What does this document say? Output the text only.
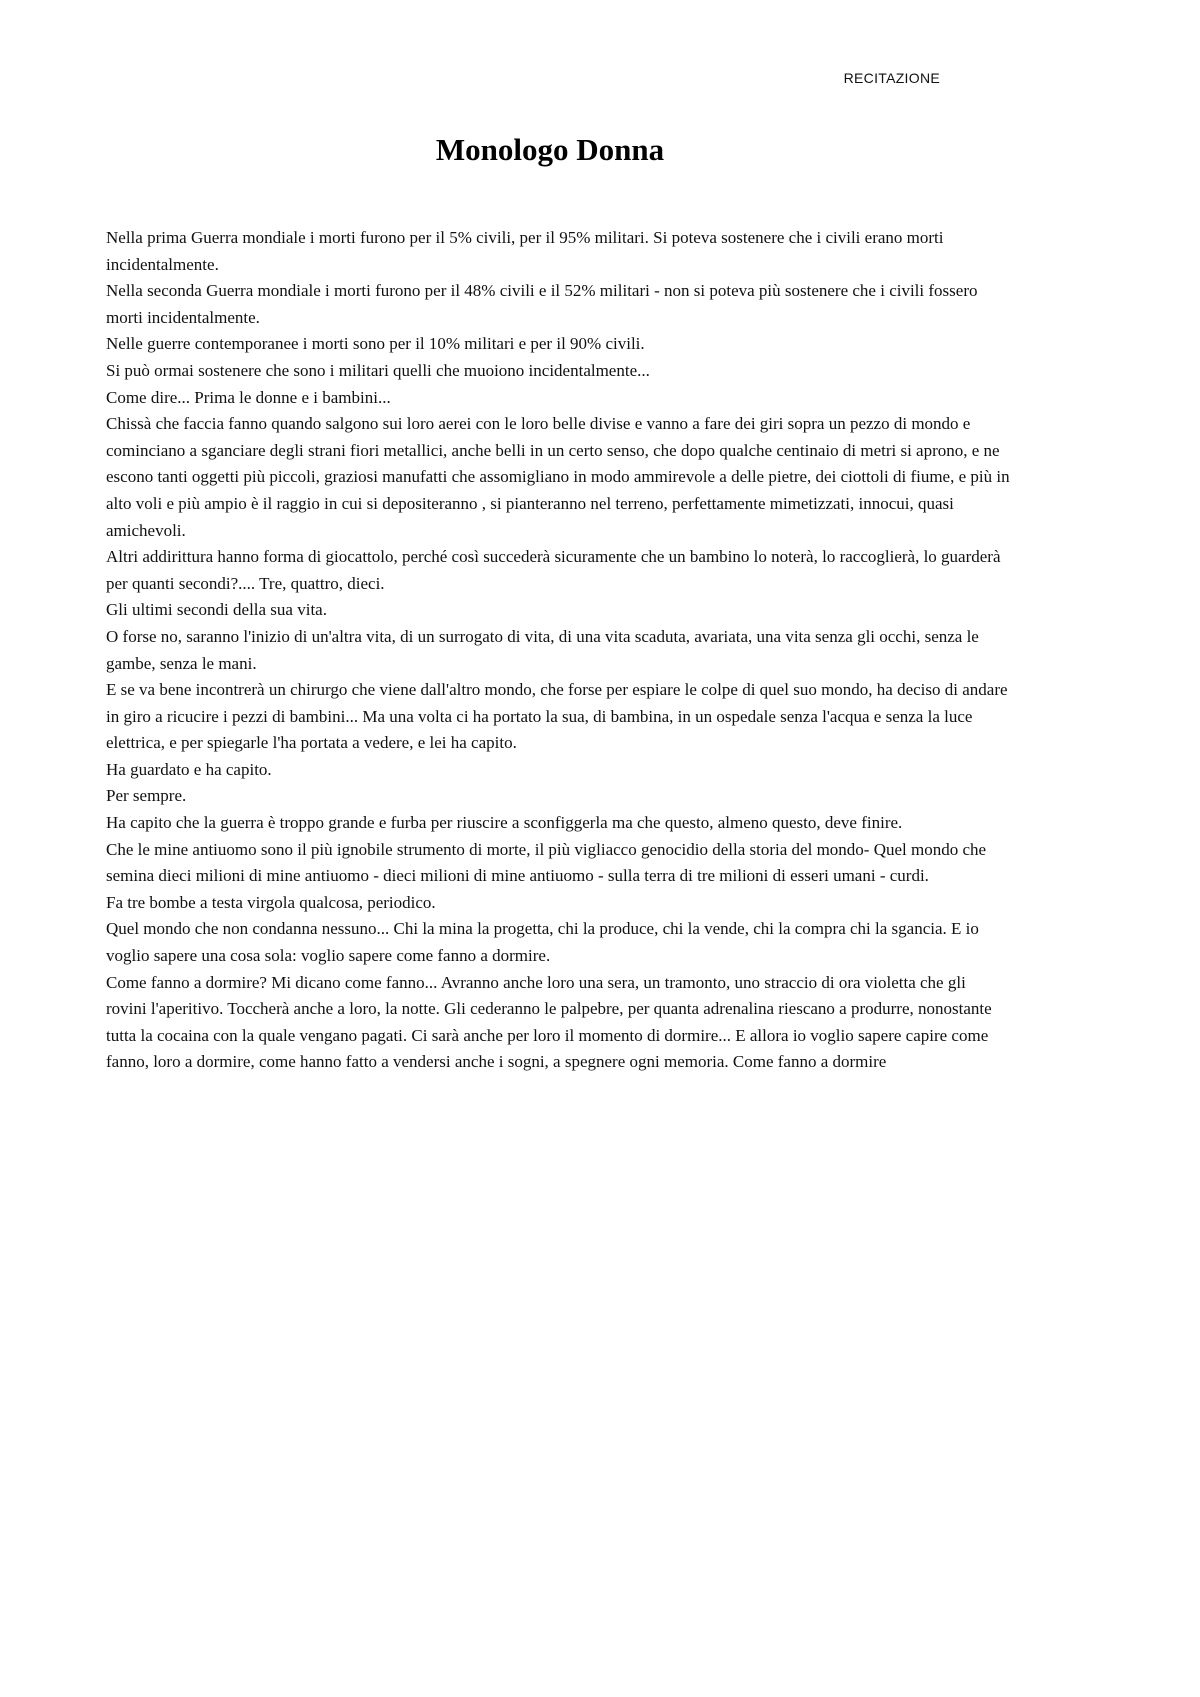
RECITAZIONE
Monologo Donna

Nella prima Guerra mondiale i morti furono per il 5% civili, per il 95% militari. Si poteva sostenere che i civili erano morti incidentalmente.

Nella seconda Guerra mondiale i morti furono per il 48% civili e il 52% militari - non si poteva più sostenere che i civili fossero morti incidentalmente.

Nelle guerre contemporanee i morti sono per il 10% militari e per il 90% civili.

Si può ormai sostenere che sono i militari quelli che muoiono incidentalmente...

Come dire... Prima le donne e i bambini...

Chissà che faccia fanno quando salgono sui loro aerei con le loro belle divise e vanno a fare dei giri sopra un pezzo di mondo e cominciano a sganciare degli strani fiori metallici, anche belli in un certo senso, che dopo qualche centinaio di metri si aprono, e ne escono tanti oggetti più piccoli, graziosi manufatti che assomigliano in modo ammirevole a delle pietre, dei ciottoli di fiume, e più in alto voli e più ampio è il raggio in cui si depositeranno , si pianteranno nel terreno, perfettamente mimetizzati, innocui, quasi amichevoli.

Altri addirittura hanno forma di giocattolo, perché così succederà sicuramente che un bambino lo noterà, lo raccoglierà, lo guarderà per quanti secondi?.... Tre, quattro, dieci.

Gli ultimi secondi della sua vita.

O forse no, saranno l'inizio di un'altra vita, di un surrogato di vita, di una vita scaduta, avariata, una vita senza gli occhi, senza le gambe, senza le mani.

E se va bene incontrerà un chirurgo che viene dall'altro mondo, che forse per espiare le colpe di quel suo mondo, ha deciso di andare in giro a ricucire i pezzi di bambini... Ma una volta ci ha portato la sua, di bambina, in un ospedale senza l'acqua e senza la luce elettrica, e per spiegarle l'ha portata a vedere, e lei ha capito.

Ha guardato e ha capito.

Per sempre.

Ha capito che la guerra è troppo grande e furba per riuscire a sconfiggerla ma che questo, almeno questo, deve finire.

Che le mine antiuomo sono il più ignobile strumento di morte, il più vigliacco genocidio della storia del mondo- Quel mondo che semina dieci milioni di mine antiuomo - dieci milioni di mine antiuomo - sulla terra di tre milioni di esseri umani - curdi.

Fa tre bombe a testa virgola qualcosa, periodico.

Quel mondo che non condanna nessuno... Chi la mina la progetta, chi la produce, chi la vende, chi la compra chi la sgancia. E io voglio sapere una cosa sola: voglio sapere come fanno a dormire.

Come fanno a dormire? Mi dicano come fanno... Avranno anche loro una sera, un tramonto, uno straccio di ora violetta che gli rovini l'aperitivo. Toccherà anche a loro, la notte. Gli cederanno le palpebre, per quanta adrenalina riescano a produrre, nonostante tutta la cocaina con la quale vengano pagati. Ci sarà anche per loro il momento di dormire... E allora io voglio sapere capire come fanno, loro a dormire, come hanno fatto a vendersi anche i sogni, a spegnere ogni memoria. Come fanno a dormire
